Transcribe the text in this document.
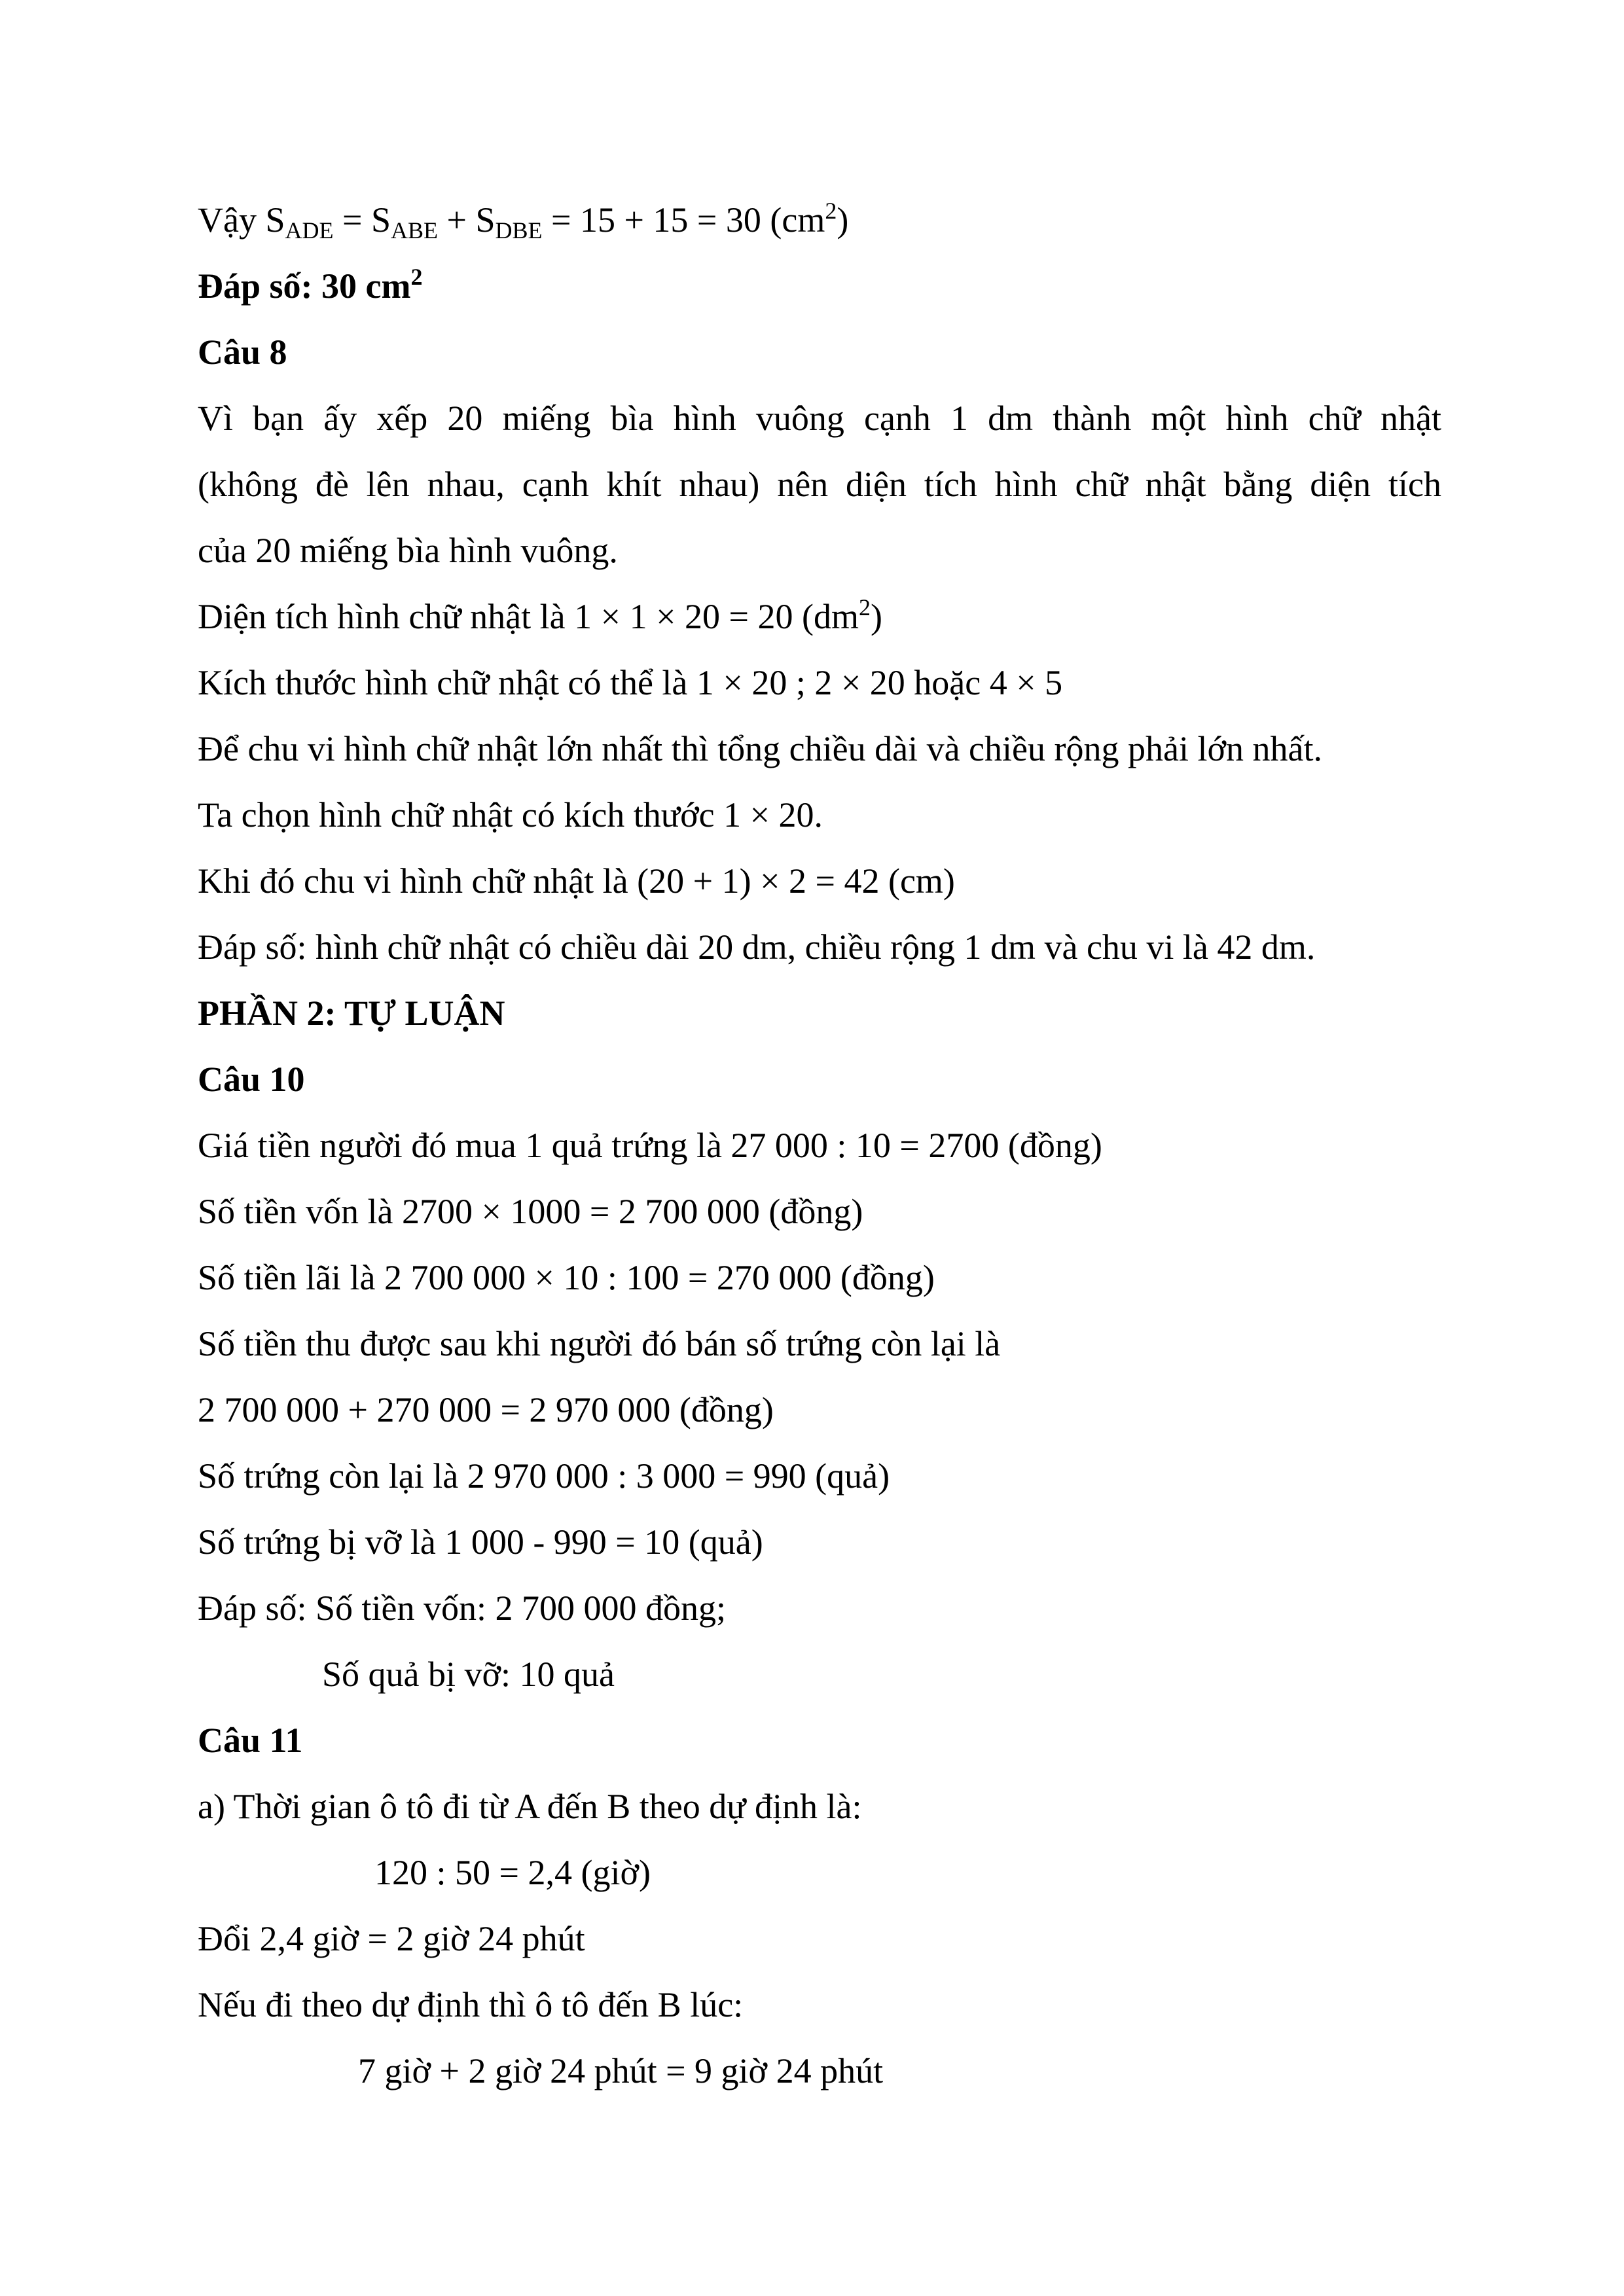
Vậy $S_{ADE} = S_{ABE} + S_{DBE} = 15 + 15 = 30$ $(cm^2)$
Đáp số: 30 $cm^2$
Câu 8
Vì bạn ấy xếp 20 miếng bìa hình vuông cạnh 1 dm thành một hình chữ nhật
(không đè lên nhau, cạnh khít nhau) nên diện tích hình chữ nhật bằng diện tích
của 20 miếng bìa hình vuông.
Diện tích hình chữ nhật là 1 × 1 × 20 = 20 $(dm^2)$
Kích thước hình chữ nhật có thể là 1 × 20 ; 2 × 20 hoặc 4 × 5
Để chu vi hình chữ nhật lớn nhất thì tổng chiều dài và chiều rộng phải lớn nhất.
Ta chọn hình chữ nhật có kích thước 1 × 20.
Khi đó chu vi hình chữ nhật là (20 + 1) × 2 = 42 (cm)
Đáp số: hình chữ nhật có chiều dài 20 dm, chiều rộng 1 dm và chu vi là 42 dm.
PHẦN 2: TỰ LUẬN
Câu 10
Giá tiền người đó mua 1 quả trứng là 27 000 : 10 = 2700 (đồng)
Số tiền vốn là 2700 × 1000 = 2 700 000 (đồng)
Số tiền lãi là 2 700 000 × 10 : 100 = 270 000 (đồng)
Số tiền thu được sau khi người đó bán số trứng còn lại là
2 700 000 + 270 000 = 2 970 000 (đồng)
Số trứng còn lại là 2 970 000 : 3 000 = 990 (quả)
Số trứng bị vỡ là 1 000 - 990 = 10 (quả)
Đáp số: Số tiền vốn: 2 700 000 đồng;
Số quả bị vỡ: 10 quả
Câu 11
a) Thời gian ô tô đi từ A đến B theo dự định là:
120 : 50 = 2,4 (giờ)
Đổi 2,4 giờ = 2 giờ 24 phút
Nếu đi theo dự định thì ô tô đến B lúc:
7 giờ + 2 giờ 24 phút = 9 giờ 24 phút
